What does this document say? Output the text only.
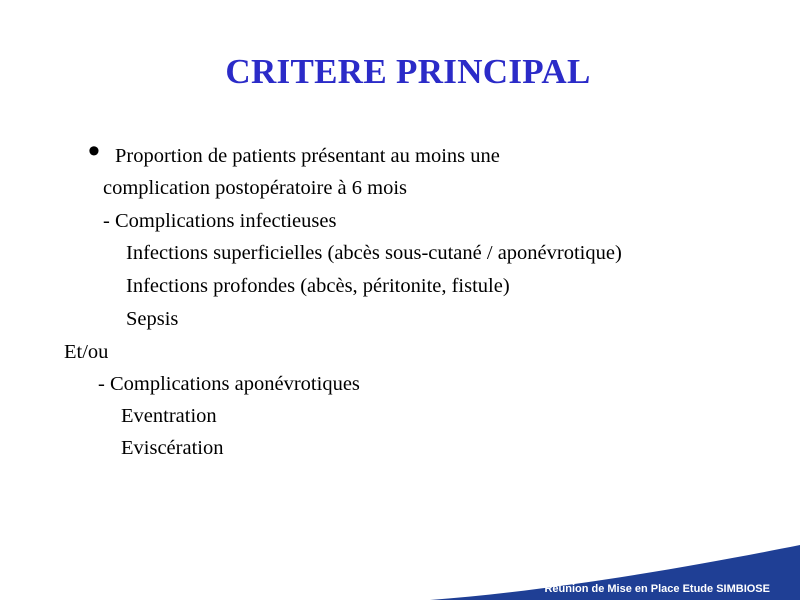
CRITERE PRINCIPAL
• Proportion de patients présentant au moins une
complication postopératoire à 6 mois
- Complications infectieuses
Infections superficielles (abcès sous-cutané / aponévrotique)
Infections profondes (abcès, péritonite, fistule)
Sepsis
Et/ou
- Complications aponévrotiques
Eventration
Eviscération
Réunion de Mise en Place Etude SIMBIOSE
